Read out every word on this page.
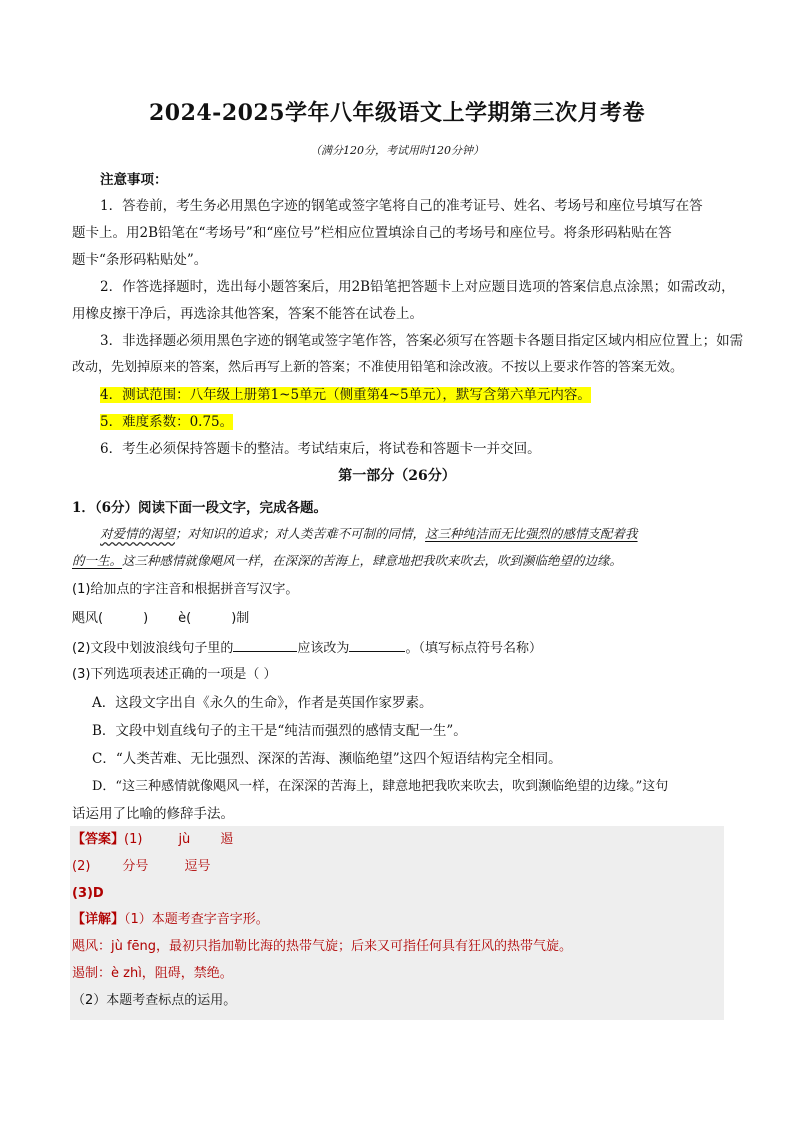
2024-2025学年八年级语文上学期第三次月考卷
（满分120分，考试用时120分钟）
注意事项：
1．答卷前，考生务必用黑色字迹的钢笔或签字笔将自己的准考证号、姓名、考场号和座位号填写在答
题卡上。用2B铅笔在“考场号”和“座位号”栏相应位置填涂自己的考场号和座位号。将条形码粘贴在答
题卡“条形码粘贴处”。
2．作答选择题时，选出每小题答案后，用2B铅笔把答题卡上对应题目选项的答案信息点涂黑；如需改动，
用橡皮擦干净后，再选涂其他答案，答案不能答在试卷上。
3．非选择题必须用黑色字迹的钢笔或签字笔作答，答案必须写在答题卡各题目指定区域内相应位置上；如需
改动，先划掉原来的答案，然后再写上新的答案；不准使用铅笔和涂改液。不按以上要求作答的答案无效。
4．测试范围：八年级上册第1~5单元（侧重第4~5单元），默写含第六单元内容。
5．难度系数：0.75。
6．考生必须保持答题卡的整洁。考试结束后，将试卷和答题卡一并交回。
第一部分（26分）
1．（6分）阅读下面一段文字，完成各题。
对爱情的渴望；对知识的追求；对人类苦难不可制的同情，这三种纯洁而无比强烈的感情支配着我
的一生。这三种感情就像飓风一样，在深深的苦海上，肆意地把我吹来吹去，吹到濒临绝望的边缘。
(1)给加点的字注音和根据拼音写汉字。
飓风(	) è(	)制
(2)文段中划波浪线句子里的	应该改为	。（填写标点符号名称）
(3)下列选项表述正确的一项是（ ）
A．这段文字出自《永久的生命》，作者是英国作家罗素。
B．文段中划直线句子的主干是“纯洁而强烈的感情支配一生”。
C．“人类苦难、无比强烈、深深的苦海、濒临绝望”这四个短语结构完全相同。
D．“这三种感情就像飓风一样，在深深的苦海上，肆意地把我吹来吹去，吹到濒临绝望的边缘。”这句
话运用了比喻的修辞手法。
【答案】(1)	jù 遏
(2) 分号	逗号
(3)D
【详解】（1）本题考查字音字形。
飓风：jù fēng，最初只指加勒比海的热带气旋；后来又可指任何具有狂风的热带气旋。
遏制：è zhì，阻碍，禁绝。
（2）本题考查标点的运用。
